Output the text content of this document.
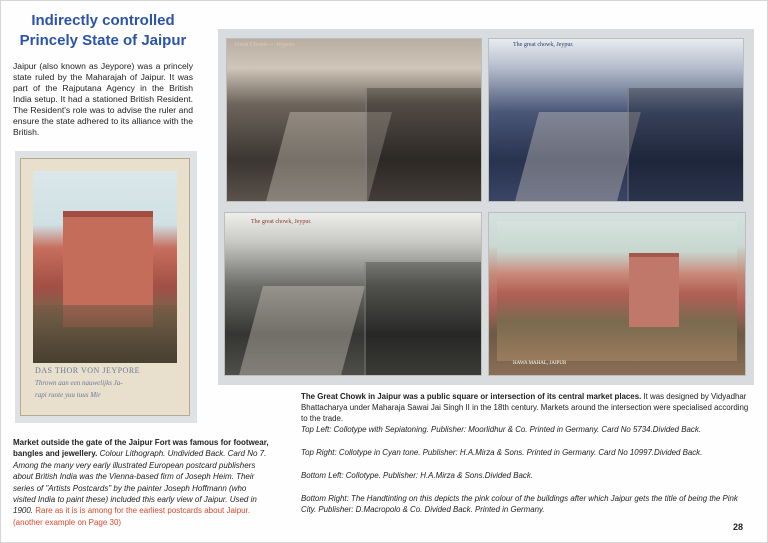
Indirectly controlled
Princely State of Jaipur
Jaipur (also known as Jeypore) was a princely state ruled by the Maharajah of Jaipur. It was part of the Rajputana Agency in the British India setup. It had a stationed British Resident. The Resident's role was to advise the ruler and ensure the state adhered to its alliance with the British.
Great Chowk — Jeypore	The great chowk, Jeypur.
The great chowk, Jeypur.
HAWA MAHAL, JAIPUR
DAS THOR VON JEYPORE
Thrown aan een nauwelijks Ja-
rapi ruote yuu tuus Mir
Market outside the gate of the Jaipur Fort was famous for footwear, bangles and jewellery. Colour Lithograph. Undivided Back. Card No 7. Among the many very early illustrated European postcard publishers about British India was the Vienna-based firm of Joseph Heim. Their series of "Artists Postcards" by the painter Joseph Hoffmann (who visited India to paint these) included this early view of Jaipur. Used in 1900. Rare as it is is among for the earliest postcards about Jaipur. (another example on Page 30)

The Great Chowk in Jaipur was a public square or intersection of its central market places. It was designed by Vidyadhar Bhattacharya under Maharaja Sawai Jai Singh II in the 18th century. Markets around the intersection were specialised according to the trade.
Top Left: Collotype with Sepiatoning. Publisher: Moorlidhur & Co. Printed in Germany. Card No 5734.Divided Back.

Top Right: Collotype in Cyan tone. Publisher: H.A.Mirza & Sons. Printed in Germany. Card No 10997.Divided Back.

Bottom Left: Collotype. Publisher: H.A.Mirza & Sons.Divided Back.

Bottom Right: The Handtinting on this depicts the pink colour of the buildings after which Jaipur gets the title of being the Pink City. Publisher: D.Macropolo & Co. Divided Back. Printed in Germany.

28
